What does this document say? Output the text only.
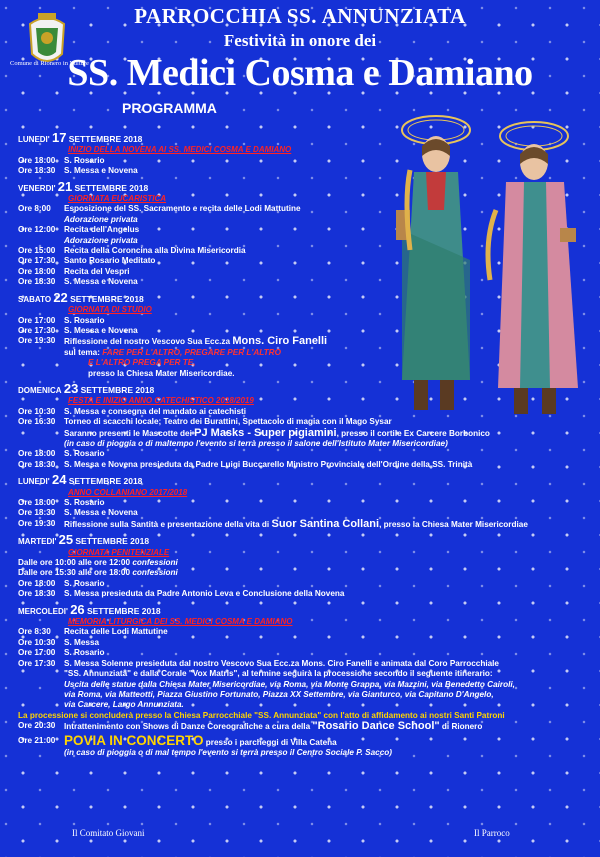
Comune di Rionero in Vulture
PARROCCHIA SS. ANNUNZIATA
Festività in onore dei
SS. Medici Cosma e Damiano
PROGRAMMA
LUNEDI' 17 SETTEMBRE 2018
INIZIO DELLA NOVENA AI SS. MEDICI COSMA E DAMIANO
Ore 18:00	S. Rosario
Ore 18:30	S. Messa e Novena
VENERDI' 21 SETTEMBRE 2018
GIORNATA EUCARISTICA
Ore 8:00	Esposizione del SS. Sacramento e recita delle Lodi Mattutine
Adorazione privata
Ore 12:00	Recita dell'Angelus
Adorazione privata
Ore 15:00	Recita della Coroncina alla Divina Misericordia
Ore 17:30	Santo Rosario Meditato
Ore 18:00	Recita del Vespri
Ore 18:30	S. Messa e Novena
SABATO 22 SETTEMBRE 2018
GIORNATA DI STUDIO
Ore 17:00	S. Rosario
Ore 17:30	S. Messa e Novena
Ore 19:30	Riflessione del nostro Vescovo Sua Ecc.za Mons. Ciro Fanelli
sul tema: FARE PER L'ALTRO, PREGARE PER L'ALTRO
E L'ALTRO PREGA PER TE,
presso la Chiesa Mater Misericordiae.
DOMENICA 23 SETTEMBRE 2018
FESTA E INIZIO ANNO CATECHISTICO 2018/2019
Ore 10:30	S. Messa e consegna del mandato ai catechisti
Ore 16:30	Torneo di scacchi locale; Teatro dei Burattini, Spettacolo di magia con il Mago Sysar
Saranno presenti le Mascotte dei PJ Masks - Super pigiamini, presso il cortile Ex Carcere Borbonico
(in caso di pioggia o di maltempo l'evento si terrà presso il salone dell'Istituto Mater Misericordiae)
Ore 18:00	S. Rosario
Ore 18:30	S. Messa e Novena presieduta da Padre Luigi Buccarello Ministro Provinciale dell'Ordine della SS. Trinità
LUNEDI' 24 SETTEMBRE 2018
ANNO COLLANIANO 2017/2018
Ore 18:00	S. Rosario
Ore 18:30	S. Messa e Novena
Ore 19:30	Riflessione sulla Santità e presentazione della vita di Suor Santina Collani, presso la Chiesa Mater Misericordiae
MARTEDI' 25 SETTEMBRE 2018
GIORNATA PENITENZIALE
Dalle ore 10:00 alle ore 12:00 confessioni
Dalle ore 15:30 alle ore 18:00 confessioni
Ore 18:00	S. Rosario
Ore 18:30	S. Messa presieduta da Padre Antonio Leva e Conclusione della Novena
MERCOLEDI' 26 SETTEMBRE 2018
MEMORIA LITURGICA DEI SS. MEDICI COSMA E DAMIANO
Ore 8:30	Recita delle Lodi Mattutine
Ore 10:30	S. Messa
Ore 17:00	S. Rosario
Ore 17:30	S. Messa Solenne presieduta dal nostro Vescovo Sua Ecc.za Mons. Ciro Fanelli e animata dal Coro Parrocchiale
"SS. Annunziata" e dalla Corale "Vox Matris", al termine seguirà la processione secondo il seguente itinerario:
Uscita delle statue dalla Chiesa Mater Misericordiae, via Roma, via Monte Grappa, via Mazzini, via Benedetto Cairoli,
via Roma, via Matteotti, Piazza Giustino Fortunato, Piazza XX Settembre, via Gianturco, via Capitano D'Angelo,
via Carcere, Largo Annunziata.
La processione si concluderà presso la Chiesa Parrocchiale "SS. Annunziata" con l'atto di affidamento ai nostri Santi Patroni
Ore 20:30	Intrattenimento con Shows di Danze Coreografiche a cura della "Rosario Dance School" di Rionero
Ore 21:00 POVIA IN CONCERTO presso i parcheggi di Villa Catena
(in caso di pioggia o di mal tempo l'evento si terrà presso il Centro Sociale P. Sacco)
Il Comitato Giovani	Il Parroco
